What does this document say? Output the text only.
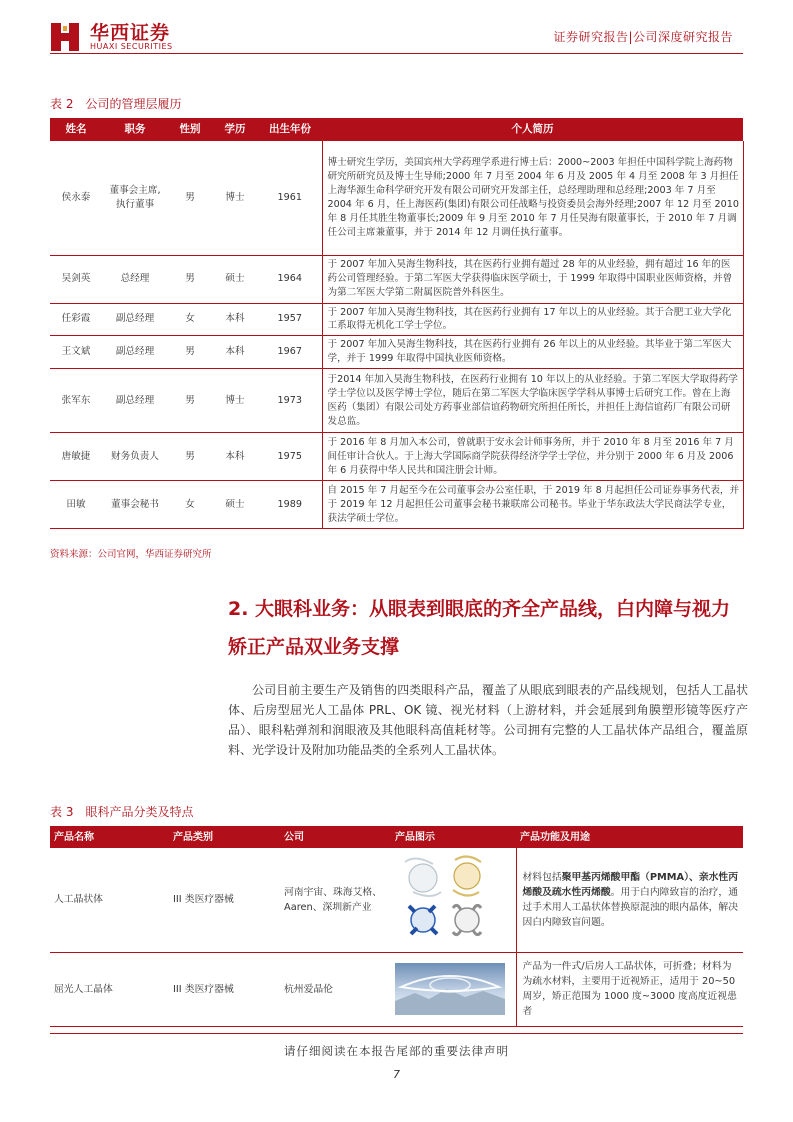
华西证券
HUAXI SECURITIES
证券研究报告|公司深度研究报告
表 2　公司的管理层履历
姓名	职务	性别	学历	出生年份	个人简历
侯永泰	董事会主席,执行董事	男	博士	1961	博士研究生学历，美国宾州大学药理学系进行博士后：2000~2003 年担任中国科学院上海药物研究所研究员及博士生导师;2000 年 7 月至 2004 年 6 月及 2005 年 4 月至 2008 年 3 月担任上海华源生命科学研究开发有限公司研究开发部主任，总经理助理和总经理;2003 年 7 月至 2004 年 6 月，任上海医药(集团)有限公司任战略与投资委员会海外经理;2007 年 12 月至 2010 年 8 月任其胜生物董事长;2009 年 9 月至 2010 年 7 月任昊海有限董事长，于 2010 年 7 月调任公司主席兼董事，并于 2014 年 12 月调任执行董事。
吴剑英	总经理	男	硕士	1964	于 2007 年加入昊海生物科技，其在医药行业拥有超过 28 年的从业经验，拥有超过 16 年的医药公司管理经验。于第二军医大学获得临床医学硕士，于 1999 年取得中国职业医师资格，并曾为第二军医大学第二附属医院普外科医生。
任彩霞	副总经理	女	本科	1957	于 2007 年加入昊海生物科技，其在医药行业拥有 17 年以上的从业经验。其于合肥工业大学化工系取得无机化工学士学位。
王文斌	副总经理	男	本科	1967	于 2007 年加入昊海生物科技，其在医药行业拥有 26 年以上的从业经验。其毕业于第二军医大学，并于 1999 年取得中国执业医师资格。
张军东	副总经理	男	博士	1973	于2014 年加入昊海生物科技，在医药行业拥有 10 年以上的从业经验。于第二军医大学取得药学学士学位以及医学博士学位，随后在第二军医大学临床医学学科从事博士后研究工作。曾在上海医药（集团）有限公司处方药事业部信谊药物研究所担任所长，并担任上海信谊药厂有限公司研发总监。
唐敏捷	财务负责人	男	本科	1975	于 2016 年 8 月加入本公司，曾就职于安永会计师事务所，并于 2010 年 8 月至 2016 年 7 月间任审计合伙人。于上海大学国际商学院获得经济学学士学位，并分别于 2000 年 6 月及 2006 年 6 月获得中华人民共和国注册会计师。
田敏	董事会秘书	女	硕士	1989	自 2015 年 7 月起至今在公司董事会办公室任职，于 2019 年 8 月起担任公司证券事务代表，并于 2019 年 12 月起担任公司董事会秘书兼联席公司秘书。毕业于华东政法大学民商法学专业，获法学硕士学位。
资料来源：公司官网，华西证券研究所
2. 大眼科业务：从眼表到眼底的齐全产品线，白内障与视力矫正产品双业务支撑
公司目前主要生产及销售的四类眼科产品，覆盖了从眼底到眼表的产品线规划，包括人工晶状体、后房型屈光人工晶体 PRL、OK 镜、视光材料（上游材料，并会延展到角膜塑形镜等医疗产品）、眼科粘弹剂和润眼液及其他眼科高值耗材等。公司拥有完整的人工晶状体产品组合，覆盖原料、光学设计及附加功能品类的全系列人工晶状体。
表 3　眼科产品分类及特点
产品名称	产品类别	公司	产品图示	产品功能及用途
人工晶状体	III 类医疗器械	河南宇宙、珠海艾格、Aaren、深圳新产业		材料包括聚甲基丙烯酸甲酯（PMMA）、亲水性丙烯酸及疏水性丙烯酸。用于白内障致盲的治疗，通过手术用人工晶状体替换原混浊的眼内晶体，解决因白内障致盲问题。
屈光人工晶体	III 类医疗器械	杭州爱晶伦		产品为一件式/后房人工晶状体，可折叠；材料为为疏水材料，主要用于近视矫正，适用于 20~50 周岁，矫正范围为 1000 度~3000 度高度近视患者
请仔细阅读在本报告尾部的重要法律声明
7
